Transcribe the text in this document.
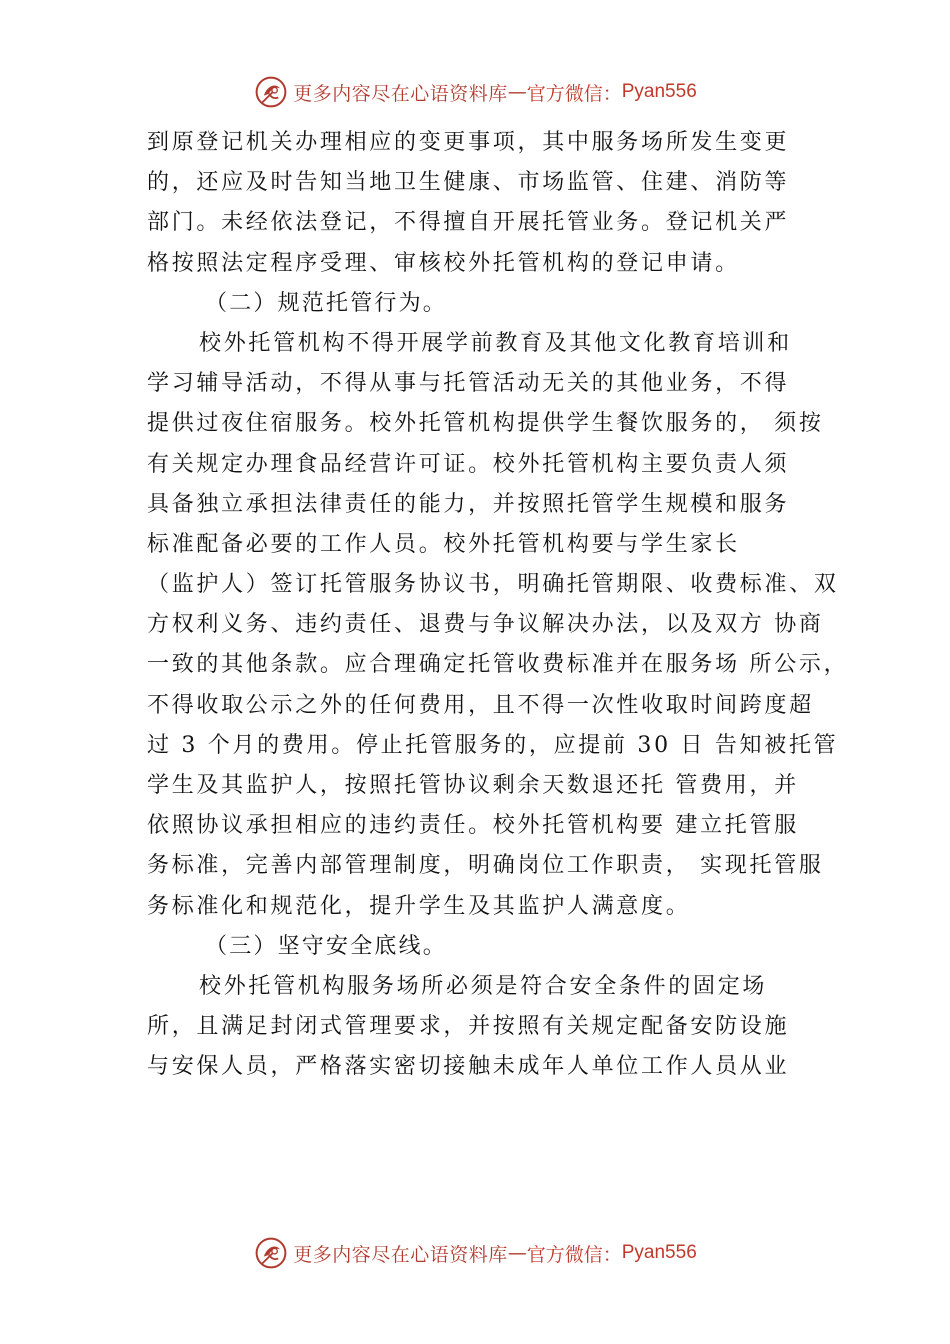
更多内容尽在心语资料库 — 官方微信： Pyan556
到原登记机关办理相应的变更事项，其中服务场所发生变更
的，还应及时告知当地卫生健康、市场监管、住建、消防等
部门。未经依法登记，不得擅自开展托管业务。登记机关严
格按照法定程序受理、审核校外托管机构的登记申请。
（二）规范托管行为。
校外托管机构不得开展学前教育及其他文化教育培训和
学习辅导活动，不得从事与托管活动无关的其他业务，不得
提供过夜住宿服务。校外托管机构提供学生餐饮服务的， 须按
有关规定办理食品经营许可证。校外托管机构主要负责人须
具备独立承担法律责任的能力，并按照托管学生规模和服务
标准配备必要的工作人员。校外托管机构要与学生家长
（监护人）签订托管服务协议书，明确托管期限、收费标准、双
方权利义务、违约责任、退费与争议解决办法，以及双方 协商
一致的其他条款。应合理确定托管收费标准并在服务场 所公示，
不得收取公示之外的任何费用，且不得一次性收取时间跨度超
过 3 个月的费用。停止托管服务的，应提前 30 日 告知被托管
学生及其监护人，按照托管协议剩余天数退还托 管费用，并
依照协议承担相应的违约责任。校外托管机构要 建立托管服
务标准，完善内部管理制度，明确岗位工作职责， 实现托管服
务标准化和规范化，提升学生及其监护人满意度。
（三）坚守安全底线。
校外托管机构服务场所必须是符合安全条件的固定场
所，且满足封闭式管理要求，并按照有关规定配备安防设施
与安保人员，严格落实密切接触未成年人单位工作人员从业
更多内容尽在心语资料库 — 官方微信： Pyan556
